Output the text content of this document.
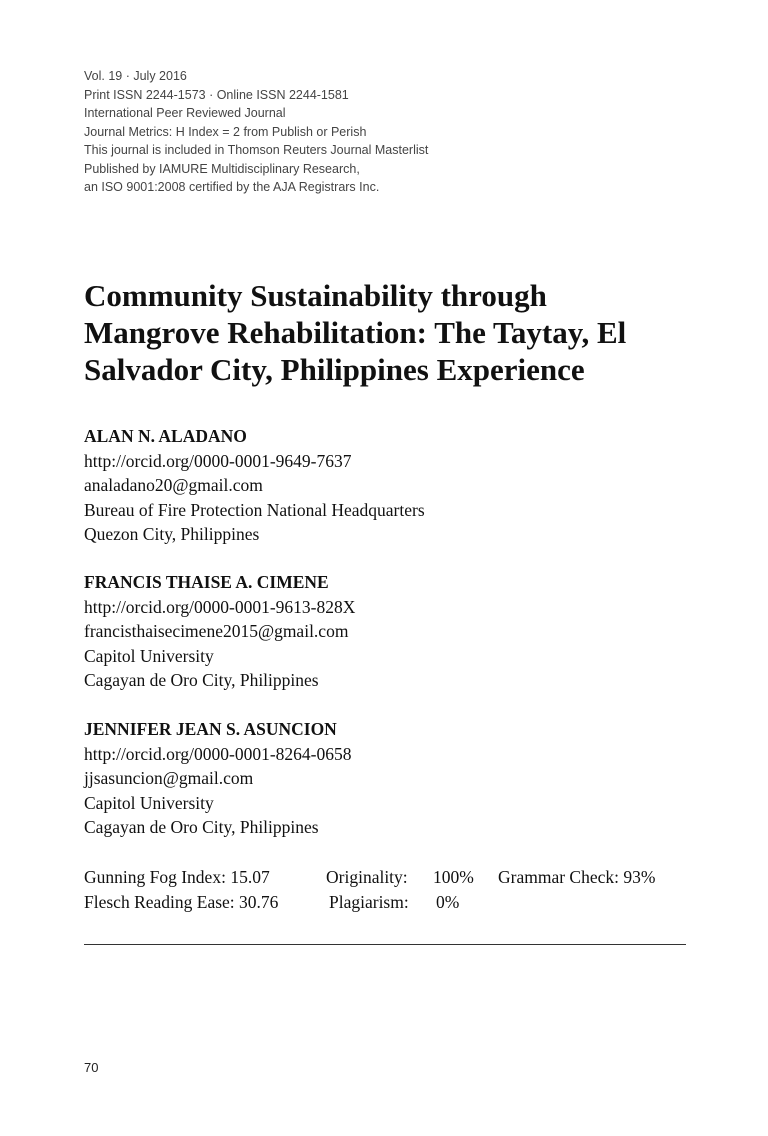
Vol. 19 · July 2016
Print ISSN 2244-1573 · Online ISSN 2244-1581
International Peer Reviewed Journal
Journal Metrics: H Index = 2 from Publish or Perish
This journal is included in Thomson Reuters Journal Masterlist
Published by IAMURE Multidisciplinary Research,
an ISO 9001:2008 certified by the AJA Registrars Inc.
Community Sustainability through
Mangrove Rehabilitation: The Taytay, El
Salvador City, Philippines Experience
ALAN N. ALADANO
http://orcid.org/0000-0001-9649-7637
analadano20@gmail.com
Bureau of Fire Protection National Headquarters
Quezon City, Philippines
FRANCIS THAISE A. CIMENE
http://orcid.org/0000-0001-9613-828X
francisthaisecimene2015@gmail.com
Capitol University
Cagayan de Oro City, Philippines
JENNIFER JEAN S. ASUNCION
http://orcid.org/0000-0001-8264-0658
jjsasuncion@gmail.com
Capitol University
Cagayan de Oro City, Philippines
Gunning Fog Index: 15.07	Originality: 100% Grammar Check: 93%
Flesch Reading Ease: 30.76	Plagiarism: 0%
70
